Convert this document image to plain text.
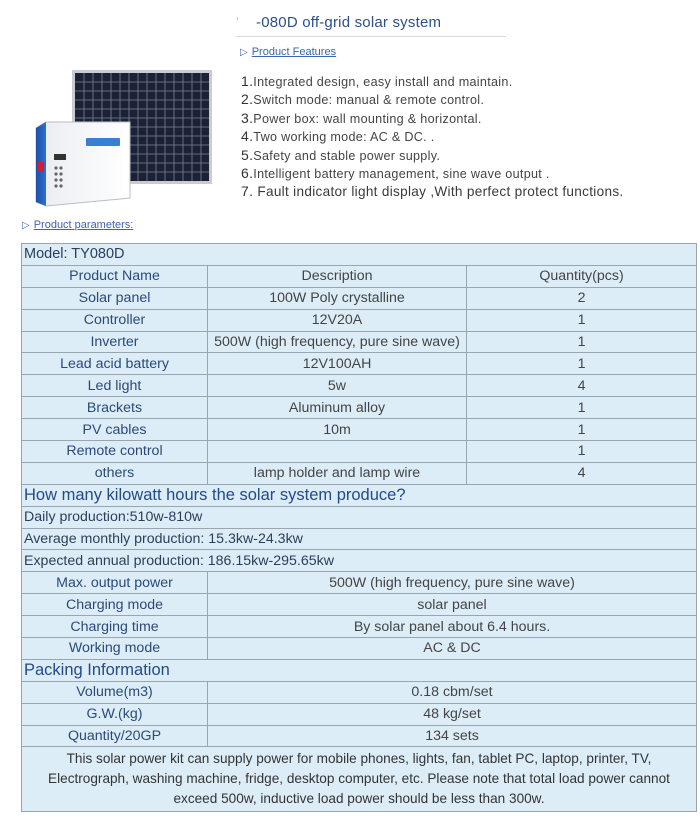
' -080D off-grid solar system
▷ Product Features
1.Integrated design, easy install and maintain.
2.Switch mode: manual & remote control.
3.Power box: wall mounting & horizontal.
4.Two working mode: AC & DC. .
5.Safety and stable power supply.
6.Intelligent battery management, sine wave output .
7. Fault indicator light display ,With perfect protect functions.
▷ Product parameters:
Model: TY080D		
Product Name	Description	Quantity(pcs)
Solar panel	100W Poly crystalline	2
Controller	12V20A	1
Inverter	500W (high frequency, pure sine wave)	1
Lead acid battery	12V100AH	1
Led light	5w	4
Brackets	Aluminum alloy	1
PV cables	10m	1
Remote control		1
others	lamp holder and lamp wire	4
How many kilowatt hours the solar system produce?		
Daily production:510w-810w		
Average monthly production: 15.3kw-24.3kw		
Expected annual production: 186.15kw-295.65kw		
Max. output power	500W (high frequency, pure sine wave)	
Charging mode	solar panel	
Charging time	By solar panel about 6.4 hours.	
Working mode	AC & DC	
Packing Information		
Volume(m3)	0.18 cbm/set	
G.W.(kg)	48 kg/set	
Quantity/20GP	134 sets	
This solar power kit can supply power for mobile phones, lights, fan, tablet PC, laptop, printer, TV, Electrograph, washing machine, fridge, desktop computer, etc. Please note that total load power cannot exceed 500w, inductive load power should be less than 300w.		
